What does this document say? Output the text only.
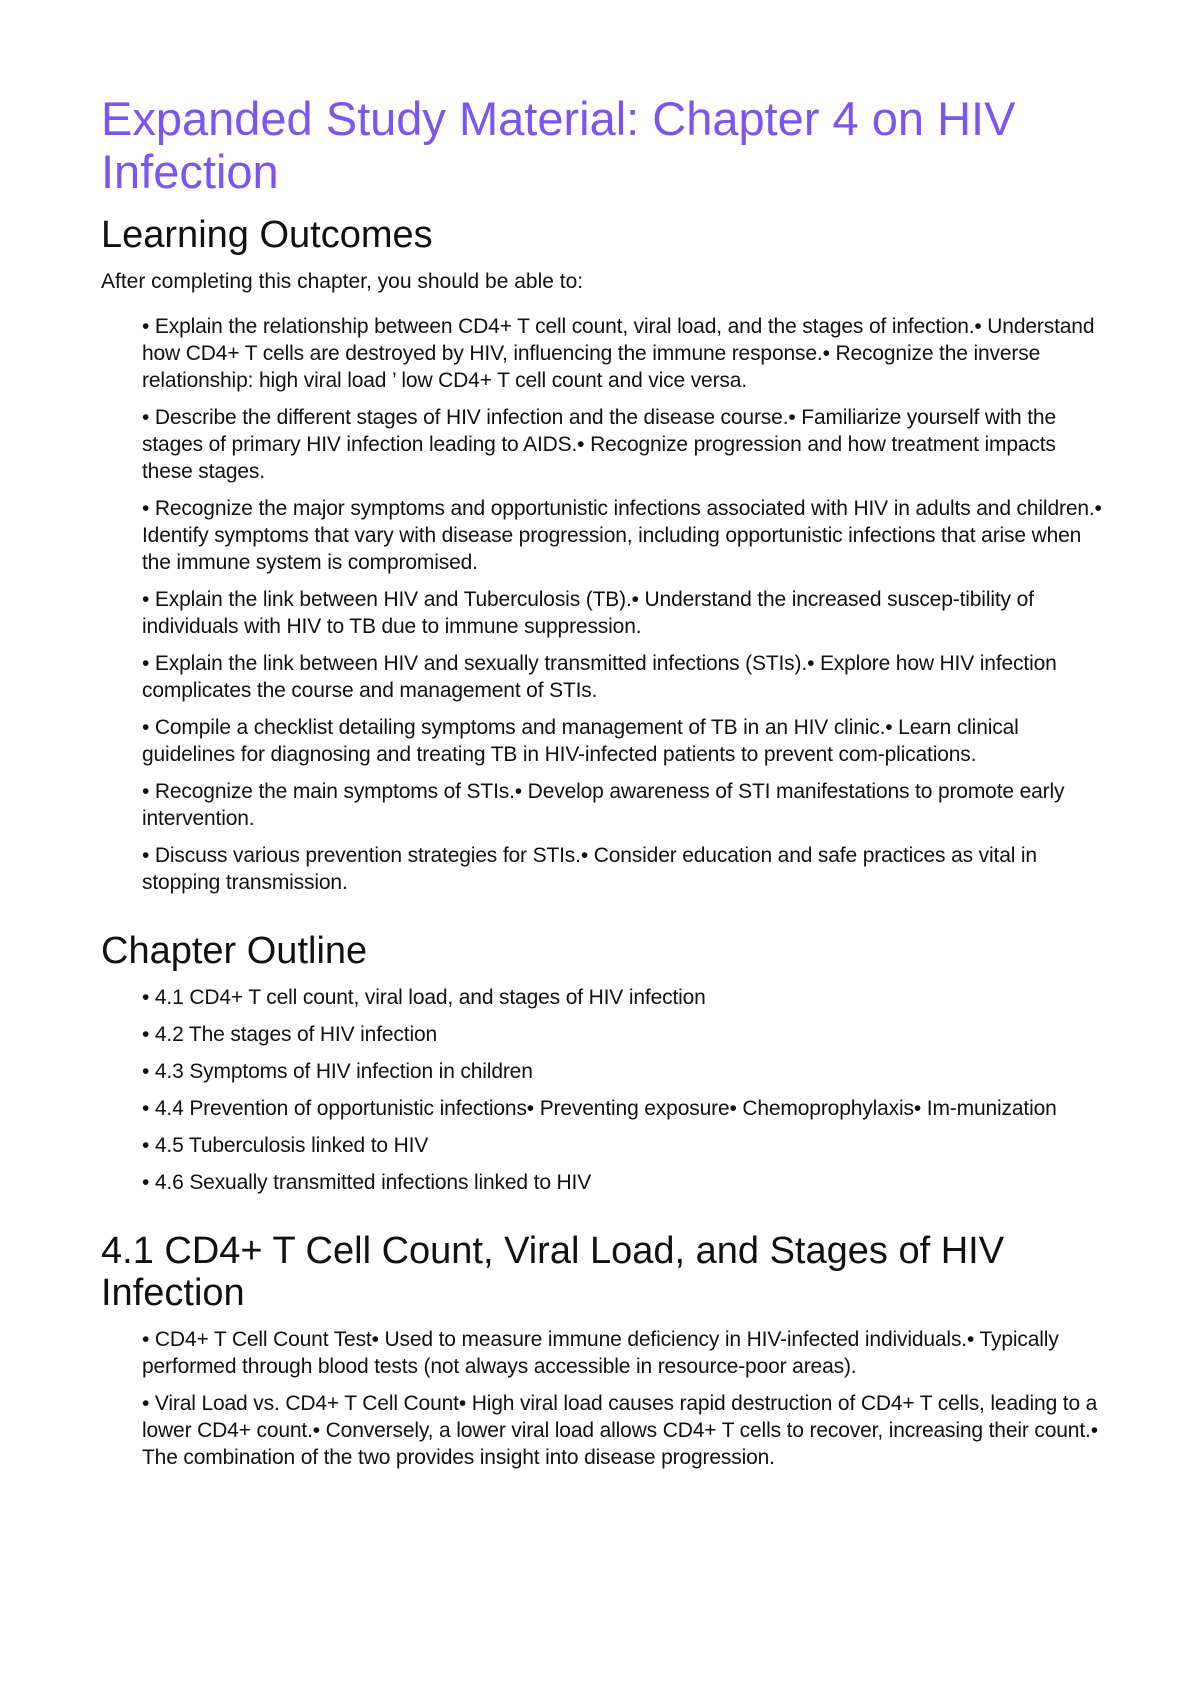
Expanded Study Material: Chapter 4 on HIV Infection
Learning Outcomes

After completing this chapter, you should be able to:

• Explain the relationship between CD4+ T cell count, viral load, and the stages of infection.• Understand how CD4+ T cells are destroyed by HIV, influencing the immune response.• Recognize the inverse relationship: high viral load ’ low CD4+ T cell count and vice versa.
• Describe the different stages of HIV infection and the disease course.• Familiarize yourself with the stages of primary HIV infection leading to AIDS.• Recognize progression and how treatment impacts these stages.
• Recognize the major symptoms and opportunistic infections associated with HIV in adults and children.• Identify symptoms that vary with disease progression, including opportunistic infections that arise when the immune system is compromised.
• Explain the link between HIV and Tuberculosis (TB).• Understand the increased suscep-tibility of individuals with HIV to TB due to immune suppression.
• Explain the link between HIV and sexually transmitted infections (STIs).• Explore how HIV infection complicates the course and management of STIs.
• Compile a checklist detailing symptoms and management of TB in an HIV clinic.• Learn clinical guidelines for diagnosing and treating TB in HIV-infected patients to prevent com-plications.
• Recognize the main symptoms of STIs.• Develop awareness of STI manifestations to promote early intervention.
• Discuss various prevention strategies for STIs.• Consider education and safe practices as vital in stopping transmission.
Chapter Outline
• 4.1 CD4+ T cell count, viral load, and stages of HIV infection
• 4.2 The stages of HIV infection
• 4.3 Symptoms of HIV infection in children
• 4.4 Prevention of opportunistic infections• Preventing exposure• Chemoprophylaxis• Im-munization
• 4.5 Tuberculosis linked to HIV
• 4.6 Sexually transmitted infections linked to HIV
4.1 CD4+ T Cell Count, Viral Load, and Stages of HIV Infection
• CD4+ T Cell Count Test• Used to measure immune deficiency in HIV-infected individuals.• Typically performed through blood tests (not always accessible in resource-poor areas).
• Viral Load vs. CD4+ T Cell Count• High viral load causes rapid destruction of CD4+ T cells, leading to a lower CD4+ count.• Conversely, a lower viral load allows CD4+ T cells to recover, increasing their count.• The combination of the two provides insight into disease progression.
